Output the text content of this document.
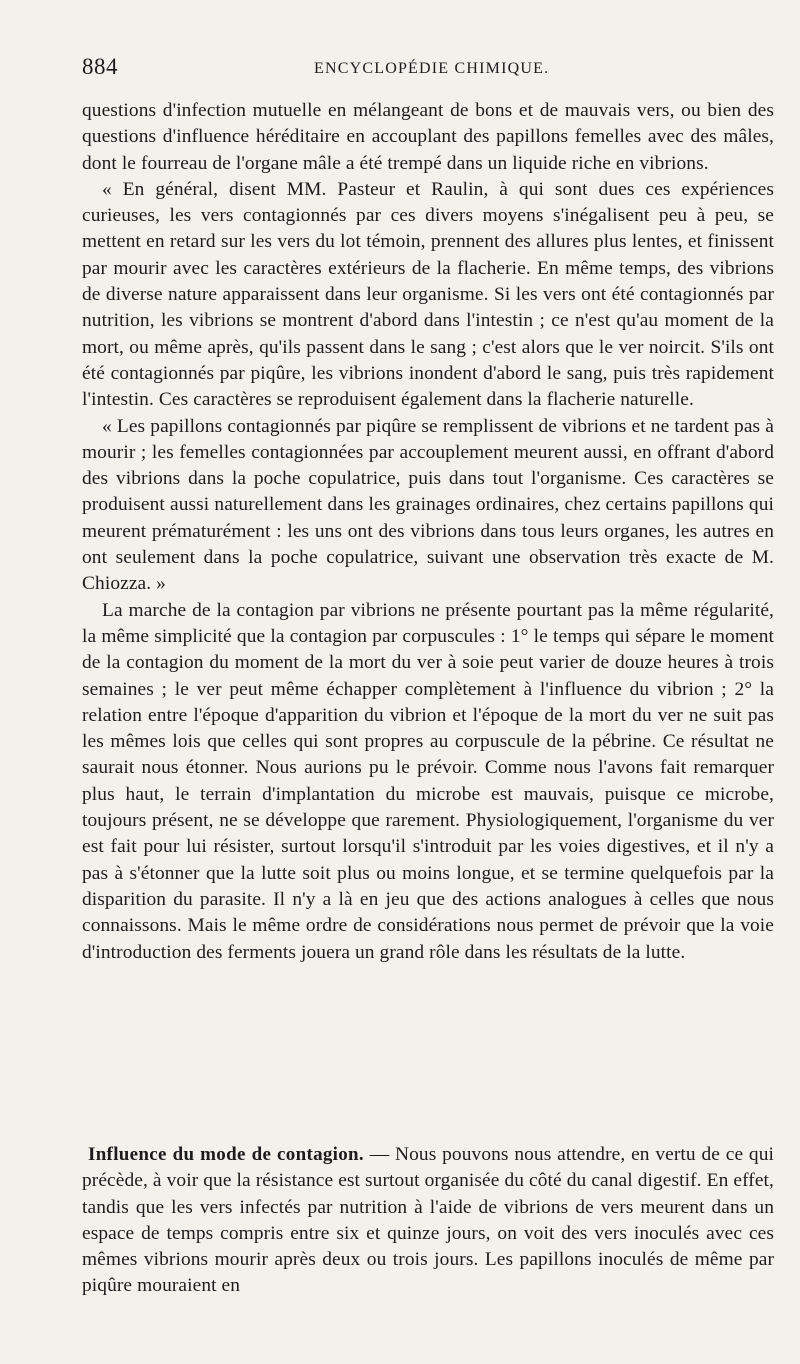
884	ENCYCLOPÉDIE CHIMIQUE.

questions d'infection mutuelle en mélangeant de bons et de mauvais vers, ou bien des questions d'influence héréditaire en accouplant des papillons femelles avec des mâles, dont le fourreau de l'organe mâle a été trempé dans un liquide riche en vibrions.

« En général, disent MM. Pasteur et Raulin, à qui sont dues ces expériences curieuses, les vers contagionnés par ces divers moyens s'inégalisent peu à peu, se mettent en retard sur les vers du lot témoin, prennent des allures plus lentes, et finissent par mourir avec les caractères extérieurs de la flacherie. En même temps, des vibrions de diverse nature apparaissent dans leur organisme. Si les vers ont été contagionnés par nutrition, les vibrions se montrent d'abord dans l'intestin ; ce n'est qu'au moment de la mort, ou même après, qu'ils passent dans le sang ; c'est alors que le ver noircit. S'ils ont été contagionnés par piqûre, les vibrions inondent d'abord le sang, puis très rapidement l'intestin. Ces caractères se reproduisent également dans la flacherie naturelle.

« Les papillons contagionnés par piqûre se remplissent de vibrions et ne tardent pas à mourir ; les femelles contagionnées par accouplement meurent aussi, en offrant d'abord des vibrions dans la poche copulatrice, puis dans tout l'organisme. Ces caractères se produisent aussi naturellement dans les grainages ordinaires, chez certains papillons qui meurent prématurément : les uns ont des vibrions dans tous leurs organes, les autres en ont seulement dans la poche copulatrice, suivant une observation très exacte de M. Chiozza. »

La marche de la contagion par vibrions ne présente pourtant pas la même régularité, la même simplicité que la contagion par corpuscules : 1° le temps qui sépare le moment de la contagion du moment de la mort du ver à soie peut varier de douze heures à trois semaines ; le ver peut même échapper complètement à l'influence du vibrion ; 2° la relation entre l'époque d'apparition du vibrion et l'époque de la mort du ver ne suit pas les mêmes lois que celles qui sont propres au corpuscule de la pébrine. Ce résultat ne saurait nous étonner. Nous aurions pu le prévoir. Comme nous l'avons fait remarquer plus haut, le terrain d'implantation du microbe est mauvais, puisque ce microbe, toujours présent, ne se développe que rarement. Physiologiquement, l'organisme du ver est fait pour lui résister, surtout lorsqu'il s'introduit par les voies digestives, et il n'y a pas à s'étonner que la lutte soit plus ou moins longue, et se termine quelquefois par la disparition du parasite. Il n'y a là en jeu que des actions analogues à celles que nous connaissons. Mais le même ordre de considérations nous permet de prévoir que la voie d'introduction des ferments jouera un grand rôle dans les résultats de la lutte.

Influence du mode de contagion. — Nous pouvons nous attendre, en vertu de ce qui précède, à voir que la résistance est surtout organisée du côté du canal digestif. En effet, tandis que les vers infectés par nutrition à l'aide de vibrions de vers meurent dans un espace de temps compris entre six et quinze jours, on voit des vers inoculés avec ces mêmes vibrions mourir après deux ou trois jours. Les papillons inoculés de même par piqûre mouraient en
